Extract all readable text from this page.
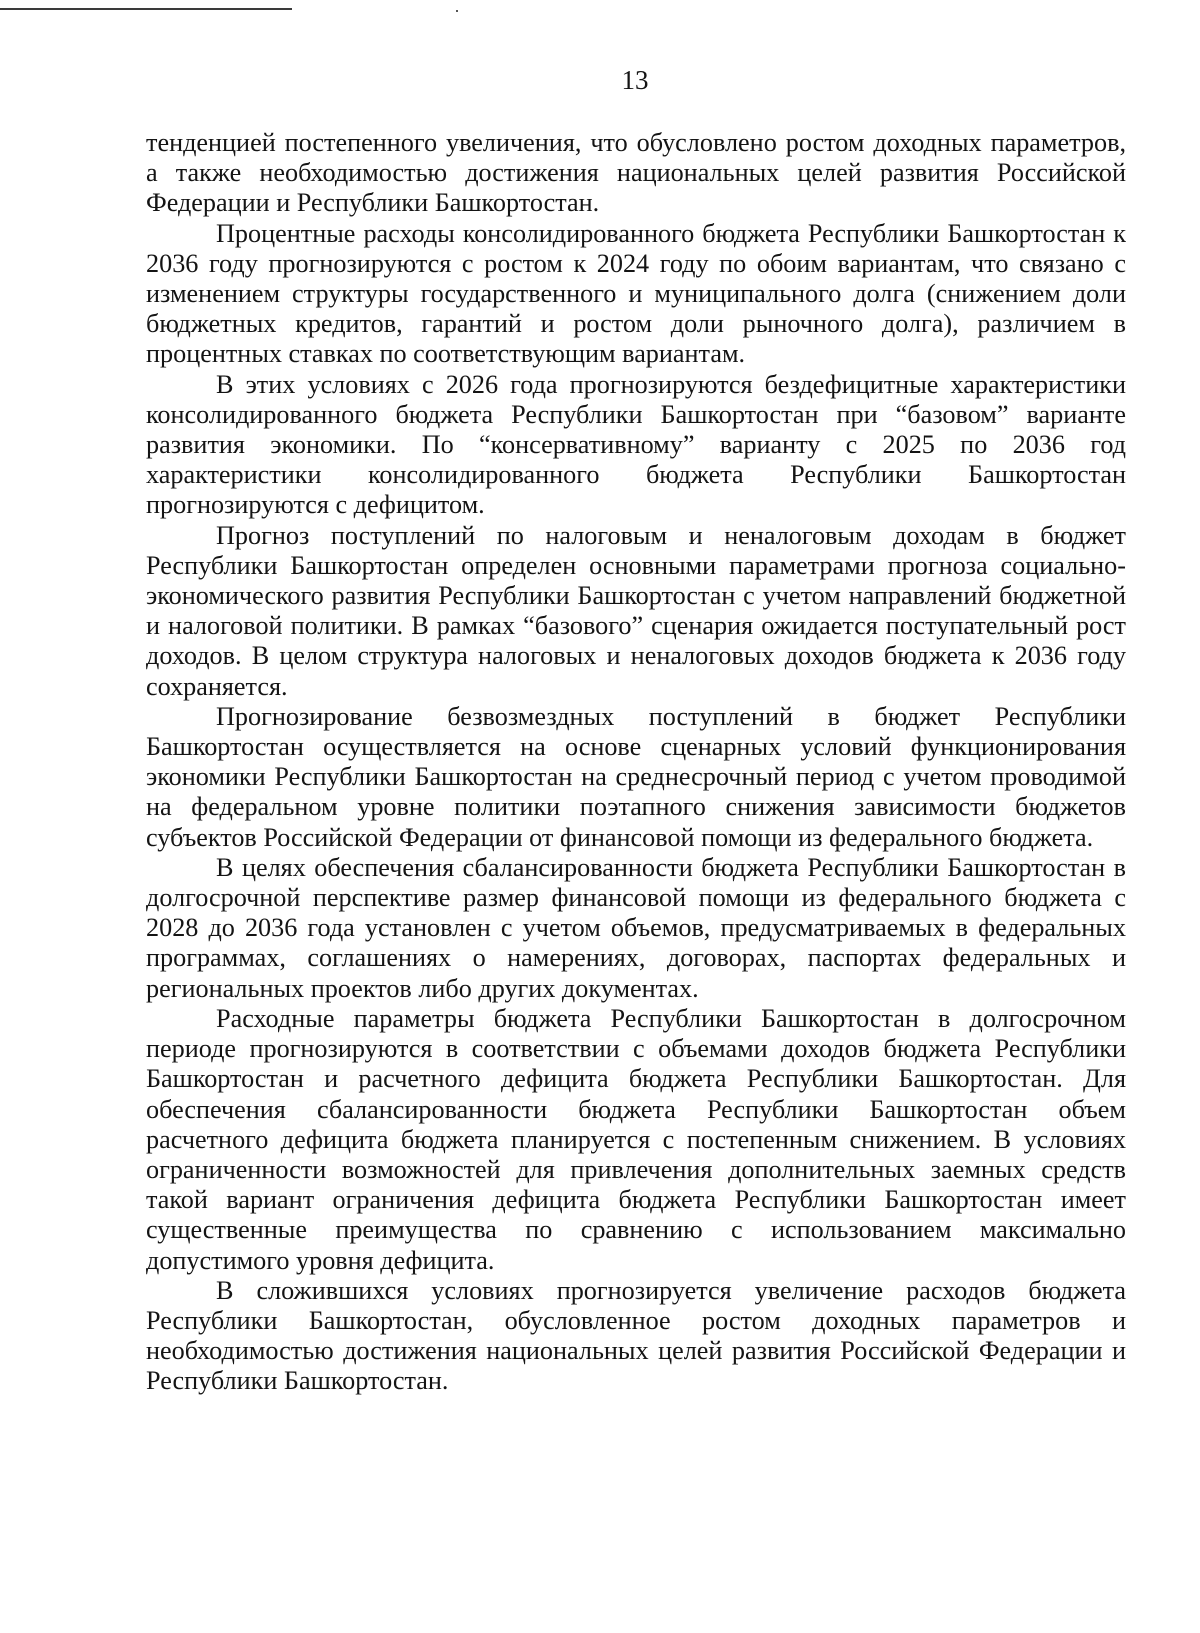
13

тенденцией постепенного увеличения, что обусловлено ростом доходных параметров, а также необходимостью достижения национальных целей развития Российской Федерации и Республики Башкортостан.

Процентные расходы консолидированного бюджета Республики Башкортостан к 2036 году прогнозируются с ростом к 2024 году по обоим вариантам, что связано с изменением структуры государственного и муниципального долга (снижением доли бюджетных кредитов, гарантий и ростом доли рыночного долга), различием в процентных ставках по соответствующим вариантам.

В этих условиях с 2026 года прогнозируются бездефицитные характеристики консолидированного бюджета Республики Башкортостан при “базовом” варианте развития экономики. По “консервативному” варианту с 2025 по 2036 год характеристики консолидированного бюджета Республики Башкортостан прогнозируются с дефицитом.

Прогноз поступлений по налоговым и неналоговым доходам в бюджет Республики Башкортостан определен основными параметрами прогноза социально-экономического развития Республики Башкортостан с учетом направлений бюджетной и налоговой политики. В рамках “базового” сценария ожидается поступательный рост доходов. В целом структура налоговых и неналоговых доходов бюджета к 2036 году сохраняется.

Прогнозирование безвозмездных поступлений в бюджет Республики Башкортостан осуществляется на основе сценарных условий функционирования экономики Республики Башкортостан на среднесрочный период с учетом проводимой на федеральном уровне политики поэтапного снижения зависимости бюджетов субъектов Российской Федерации от финансовой помощи из федерального бюджета.

В целях обеспечения сбалансированности бюджета Республики Башкортостан в долгосрочной перспективе размер финансовой помощи из федерального бюджета с 2028 до 2036 года установлен с учетом объемов, предусматриваемых в федеральных программах, соглашениях о намерениях, договорах, паспортах федеральных и региональных проектов либо других документах.

Расходные параметры бюджета Республики Башкортостан в долгосрочном периоде прогнозируются в соответствии с объемами доходов бюджета Республики Башкортостан и расчетного дефицита бюджета Республики Башкортостан. Для обеспечения сбалансированности бюджета Республики Башкортостан объем расчетного дефицита бюджета планируется с постепенным снижением. В условиях ограниченности возможностей для привлечения дополнительных заемных средств такой вариант ограничения дефицита бюджета Республики Башкортостан имеет существенные преимущества по сравнению с использованием максимально допустимого уровня дефицита.

В сложившихся условиях прогнозируется увеличение расходов бюджета Республики Башкортостан, обусловленное ростом доходных параметров и необходимостью достижения национальных целей развития Российской Федерации и Республики Башкортостан.
